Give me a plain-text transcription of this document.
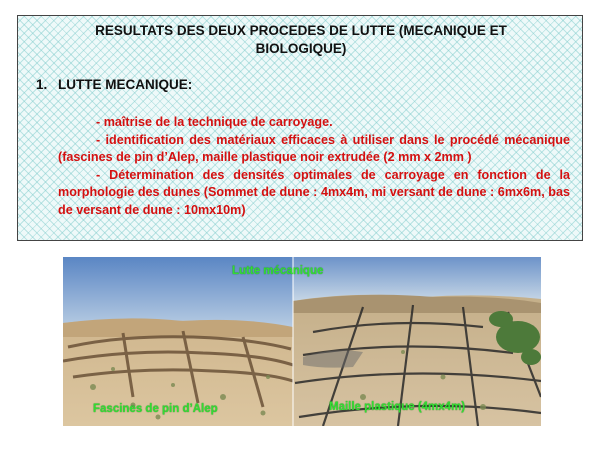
RESULTATS DES DEUX PROCEDES DE LUTTE (MECANIQUE ET BIOLOGIQUE)
1. LUTTE MECANIQUE:

- maîtrise de la technique de carroyage.

- identification des matériaux efficaces à utiliser dans le procédé mécanique (fascines de pin d’Alep, maille plastique noir extrudée (2 mm x 2mm )

- Détermination des densités optimales de carroyage en fonction de la morphologie des dunes (Sommet de dune : 4mx4m, mi versant de dune : 6mx6m, bas de versant de dune : 10mx10m)

Lutte mécanique
Fascines de pin d’Alep	Maille plastique (4mx4m)
